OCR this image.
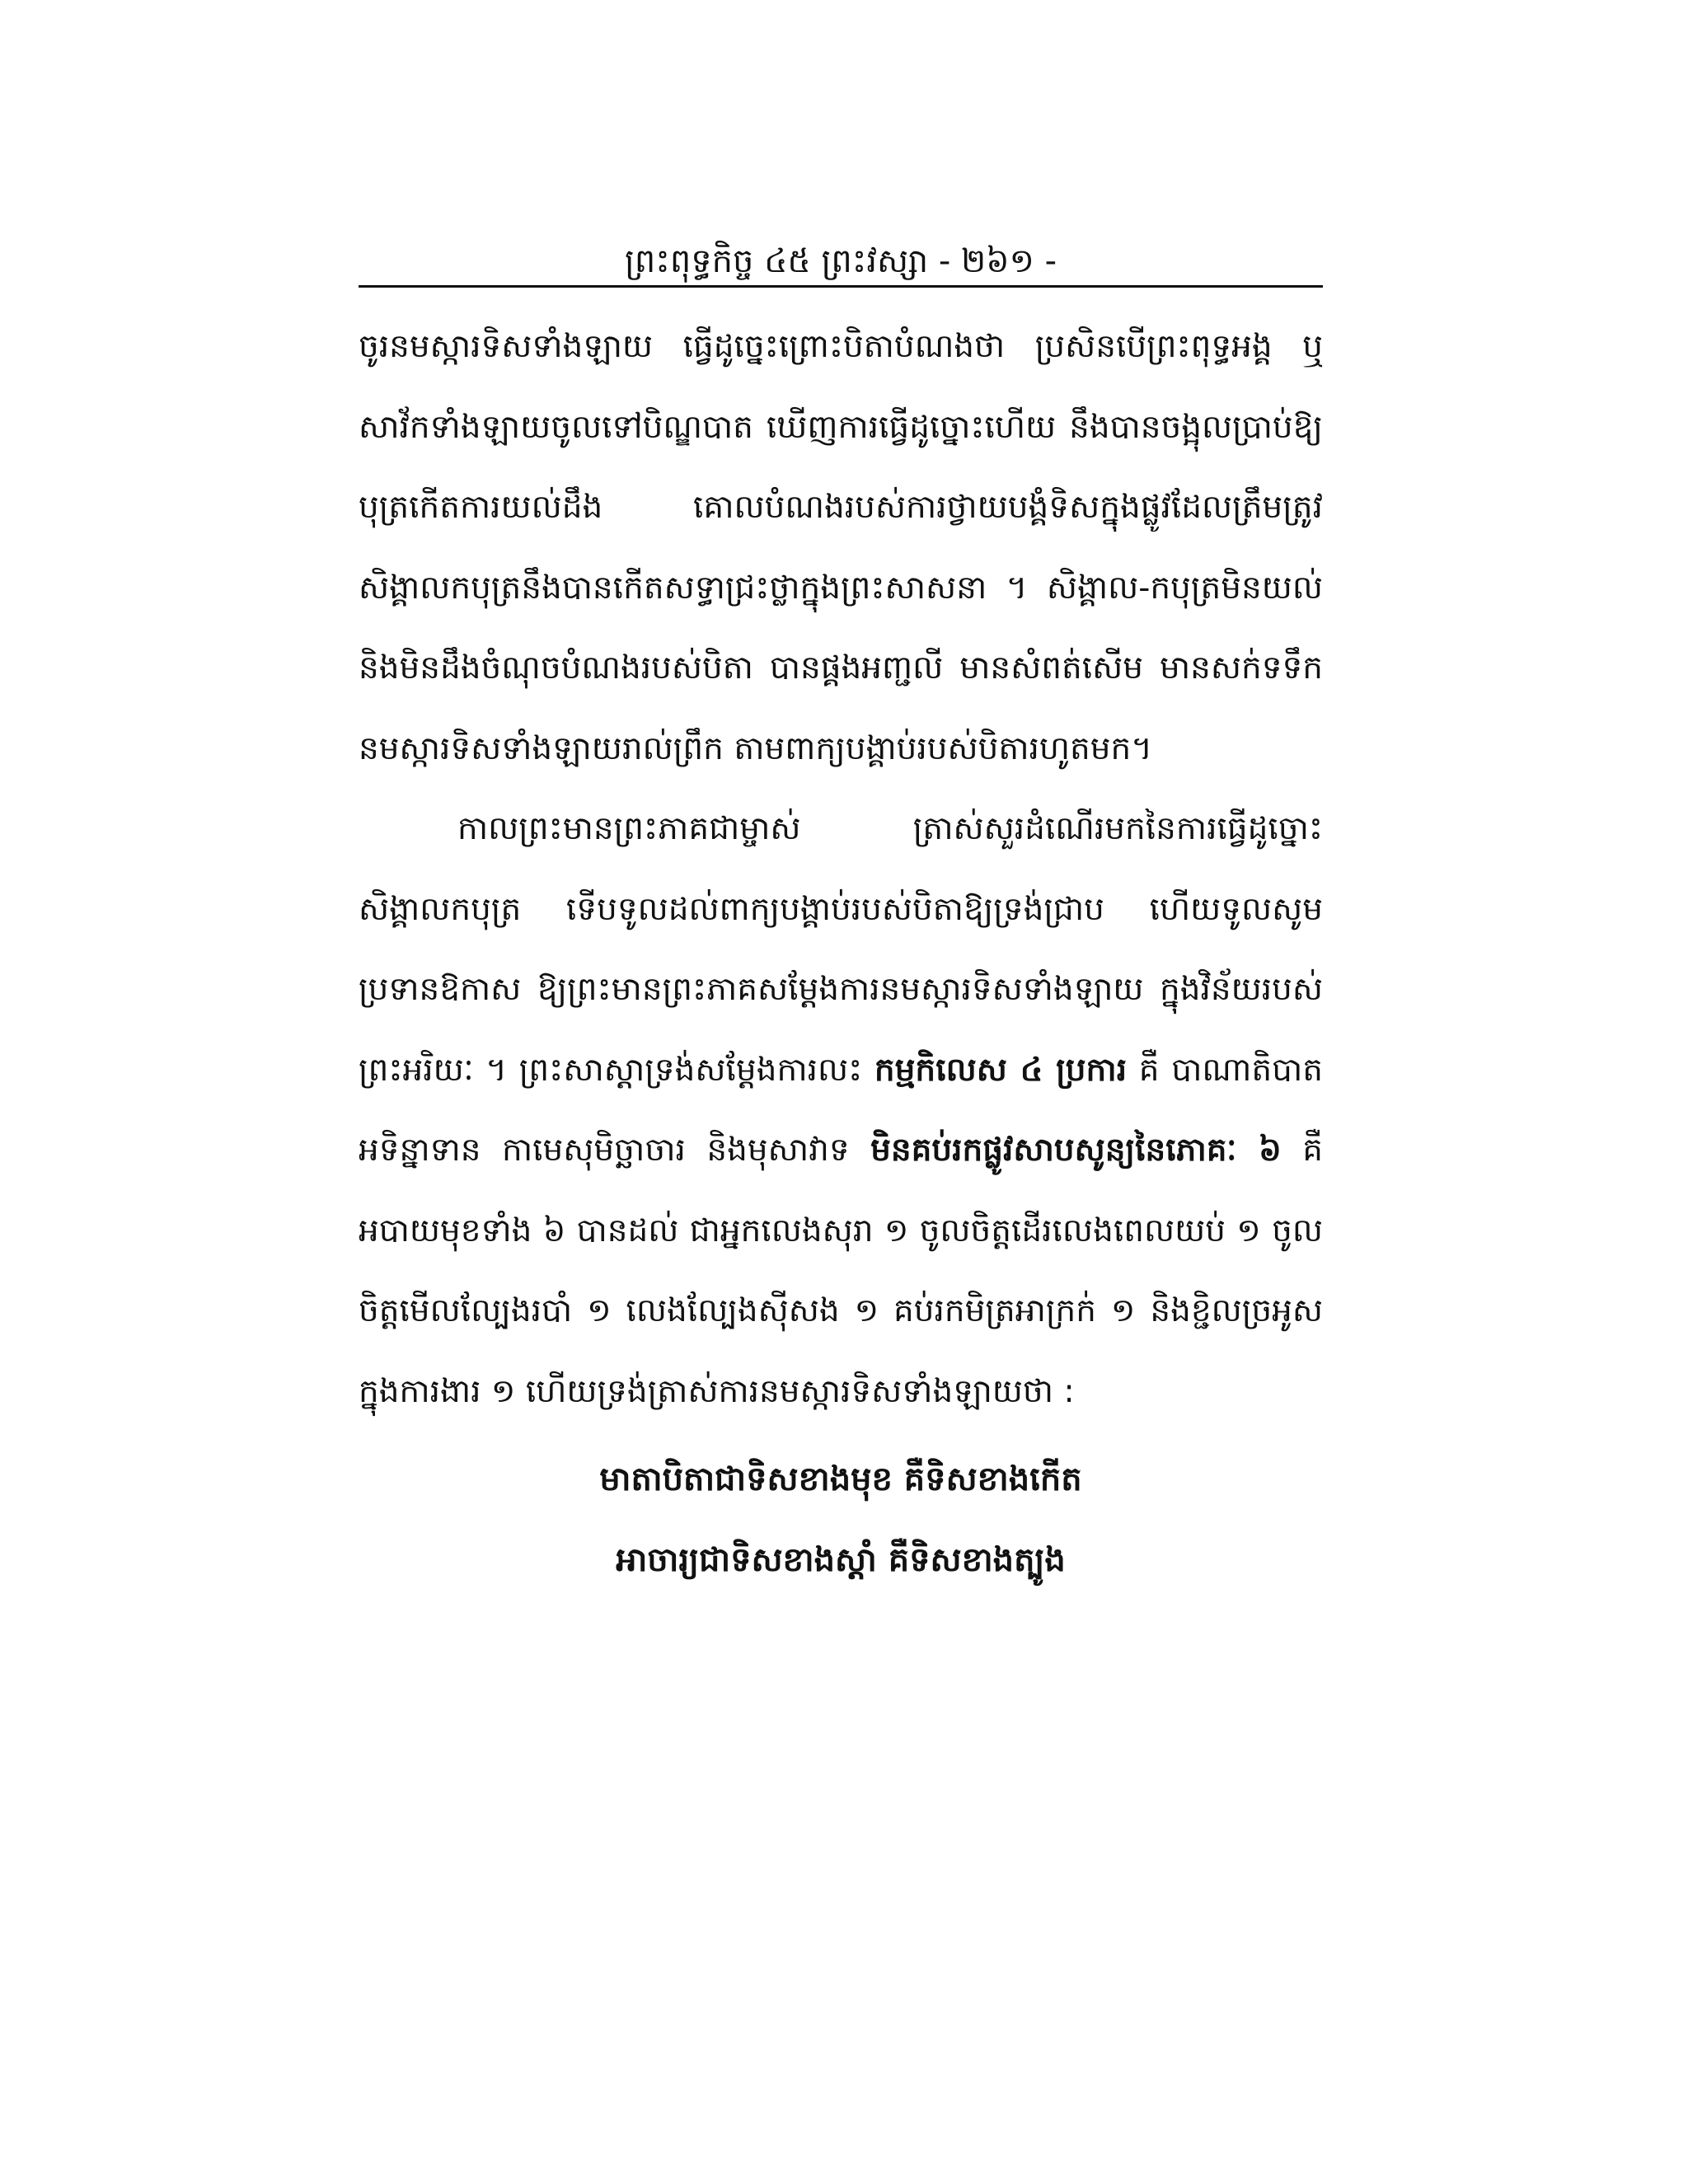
ព្រះពុទ្ធកិច្ច ៤៥ ព្រះវស្សា - ២៦១ -

ចូរនមស្ការទិសទាំងឡាយ ធ្វើដូច្នេះព្រោះបិតាបំណងថា ប្រសិនបើព្រះពុទ្ធអង្គ ឬសាវ័កទាំងឡាយចូលទៅបិណ្ឌបាត ឃើញការធ្វើដូច្នោះហើយ នឹងបានចង្អុលប្រាប់ឱ្យបុត្រកើតការយល់ដឹង គោលបំណងរបស់ការថ្វាយបង្គំទិសក្នុងផ្លូវដែលត្រឹមត្រូវ សិង្គាលកបុត្រនឹងបានកើតសទ្ធាជ្រះថ្លាក្នុងព្រះសាសនា ។ សិង្គាល-កបុត្រមិនយល់ និងមិនដឹងចំណុចបំណងរបស់បិតា បានផ្គងអញ្ជលី មានសំពត់សើម មានសក់ទទឹក នមស្ការទិសទាំងឡាយរាល់ព្រឹក តាមពាក្យបង្គាប់របស់បិតារហូតមក។

កាលព្រះមានព្រះភាគជាម្ចាស់ ត្រាស់សួរដំណើរមកនៃការធ្វើដូច្នោះ សិង្គាលកបុត្រ ទើបទូលដល់ពាក្យបង្គាប់របស់បិតាឱ្យទ្រង់ជ្រាប ហើយទូលសូមប្រទានឱកាស ឱ្យព្រះមានព្រះភាគសម្ដែងការនមស្ការទិសទាំងឡាយ ក្នុងវិន័យរបស់ព្រះអរិយៈ ។ ព្រះសាស្ដាទ្រង់សម្ដែងការលះ កម្មកិលេស ៤ ប្រការ គឺ បាណាតិបាត អទិន្នាទាន កាមេសុមិច្ឆាចារ និងមុសាវាទ មិនគប់រកផ្លូវសាបសូន្យនៃភោគៈ ៦ គឺ អបាយមុខទាំង ៦ បានដល់ ជាអ្នកលេងសុរា ១ ចូលចិត្តដើរលេងពេលយប់ ១ ចូលចិត្តមើលល្បែងរបាំ ១ លេងល្បែងស៊ីសង ១ គប់រកមិត្រអាក្រក់ ១ និងខ្ជិលច្រអូសក្នុងការងារ ១ ហើយទ្រង់ត្រាស់ការនមស្ការទិសទាំងឡាយថា :

មាតាបិតាជាទិសខាងមុខ គឺទិសខាងកើត
អាចារ្យជាទិសខាងស្ដាំ គឺទិសខាងត្បូង
